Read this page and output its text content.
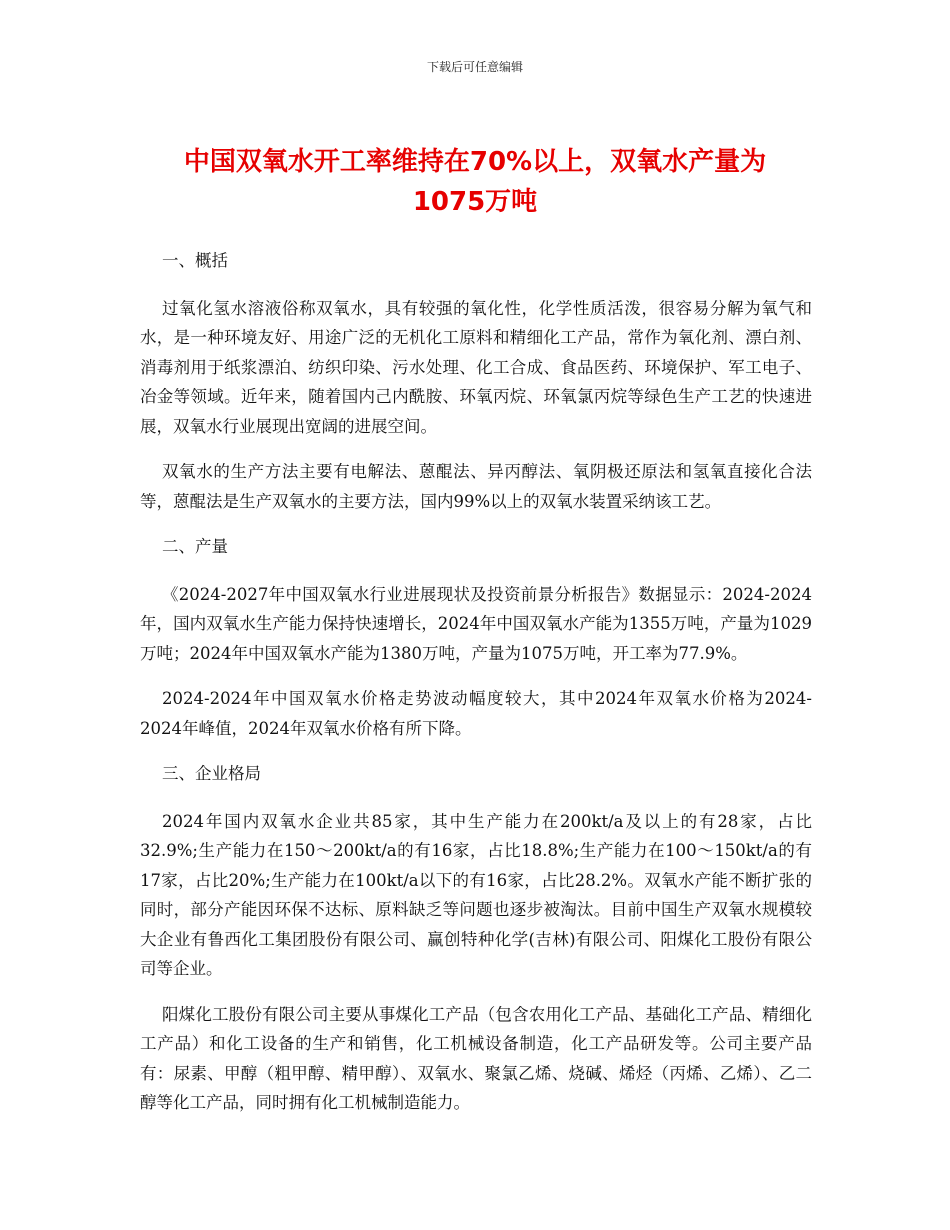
下载后可任意编辑
中国双氧水开工率维持在70%以上，双氧水产量为1075万吨

一、概括

过氧化氢水溶液俗称双氧水，具有较强的氧化性，化学性质活泼，很容易分解为氧气和水，是一种环境友好、用途广泛的无机化工原料和精细化工产品，常作为氧化剂、漂白剂、消毒剂用于纸浆漂泊、纺织印染、污水处理、化工合成、食品医药、环境保护、军工电子、冶金等领域。近年来，随着国内己内酰胺、环氧丙烷、环氧氯丙烷等绿色生产工艺的快速进展，双氧水行业展现出宽阔的进展空间。

双氧水的生产方法主要有电解法、蒽醌法、异丙醇法、氧阴极还原法和氢氧直接化合法等，蒽醌法是生产双氧水的主要方法，国内99%以上的双氧水装置采纳该工艺。

二、产量

《2024-2027年中国双氧水行业进展现状及投资前景分析报告》数据显示：2024-2024年，国内双氧水生产能力保持快速增长，2024年中国双氧水产能为1355万吨，产量为1029万吨；2024年中国双氧水产能为1380万吨，产量为1075万吨，开工率为77.9%。

2024-2024年中国双氧水价格走势波动幅度较大，其中2024年双氧水价格为2024-2024年峰值，2024年双氧水价格有所下降。

三、企业格局

2024年国内双氧水企业共85家，其中生产能力在200kt/a及以上的有28家，占比32.9%;生产能力在150～200kt/a的有16家，占比18.8%;生产能力在100～150kt/a的有17家，占比20%;生产能力在100kt/a以下的有16家，占比28.2%。双氧水产能不断扩张的同时，部分产能因环保不达标、原料缺乏等问题也逐步被淘汰。目前中国生产双氧水规模较大企业有鲁西化工集团股份有限公司、赢创特种化学(吉林)有限公司、阳煤化工股份有限公司等企业。

阳煤化工股份有限公司主要从事煤化工产品（包含农用化工产品、基础化工产品、精细化工产品）和化工设备的生产和销售，化工机械设备制造，化工产品研发等。公司主要产品有：尿素、甲醇（粗甲醇、精甲醇）、双氧水、聚氯乙烯、烧碱、烯烃（丙烯、乙烯）、乙二醇等化工产品，同时拥有化工机械制造能力。
